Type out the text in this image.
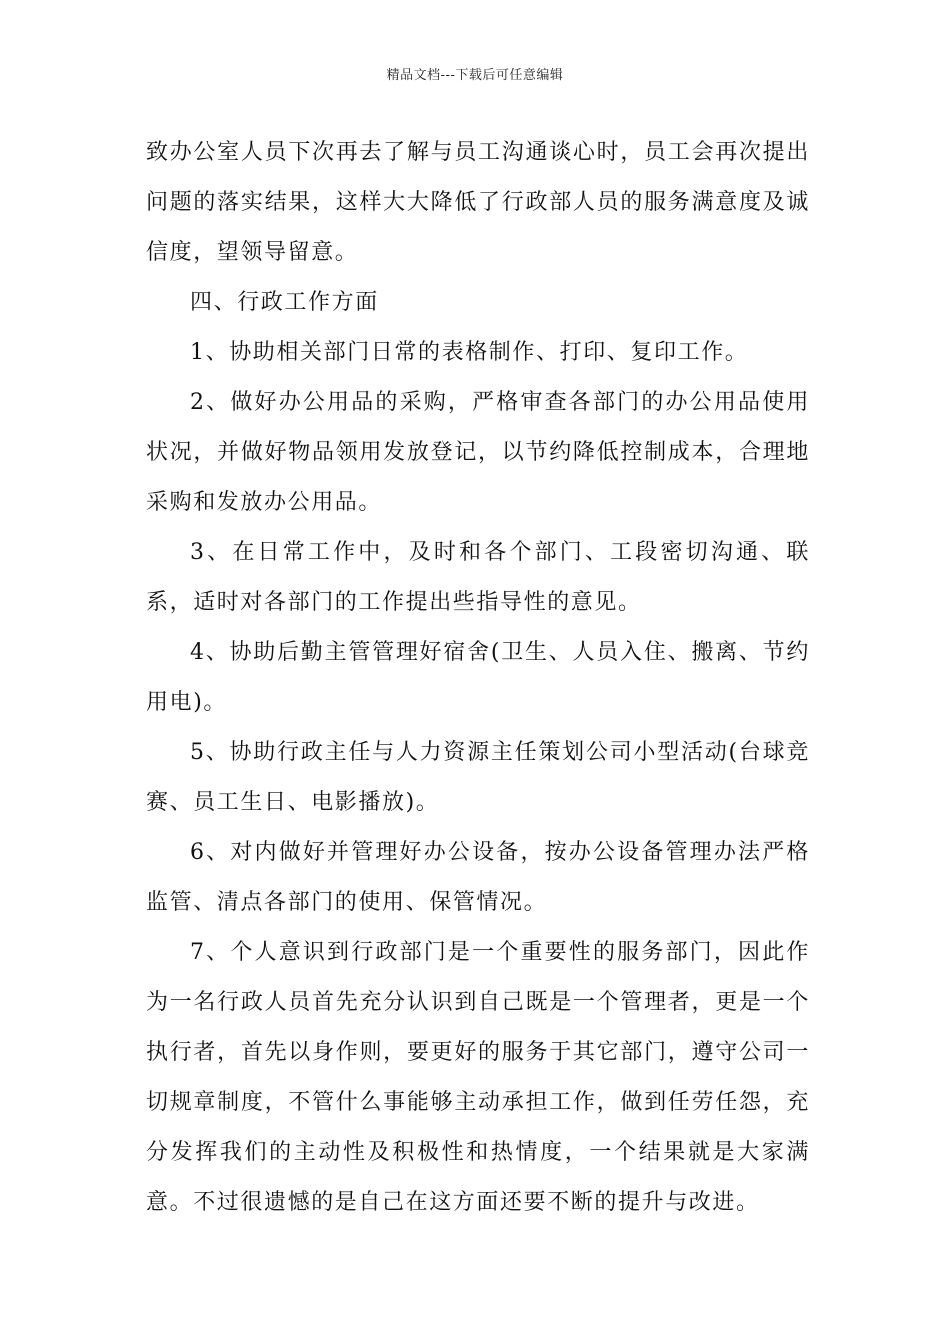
精品文档---下载后可任意编辑

致办公室人员下次再去了解与员工沟通谈心时，员工会再次提出问题的落实结果，这样大大降低了行政部人员的服务满意度及诚信度，望领导留意。

四、行政工作方面

1、协助相关部门日常的表格制作、打印、复印工作。

2、做好办公用品的采购，严格审查各部门的办公用品使用状况，并做好物品领用发放登记，以节约降低控制成本，合理地采购和发放办公用品。

3、在日常工作中，及时和各个部门、工段密切沟通、联系，适时对各部门的工作提出些指导性的意见。

4、协助后勤主管管理好宿舍(卫生、人员入住、搬离、节约用电)。

5、协助行政主任与人力资源主任策划公司小型活动(台球竞赛、员工生日、电影播放)。

6、对内做好并管理好办公设备，按办公设备管理办法严格监管、清点各部门的使用、保管情况。

7、个人意识到行政部门是一个重要性的服务部门，因此作为一名行政人员首先充分认识到自己既是一个管理者，更是一个执行者，首先以身作则，要更好的服务于其它部门，遵守公司一切规章制度，不管什么事能够主动承担工作，做到任劳任怨，充分发挥我们的主动性及积极性和热情度，一个结果就是大家满意。不过很遗憾的是自己在这方面还要不断的提升与改进。
